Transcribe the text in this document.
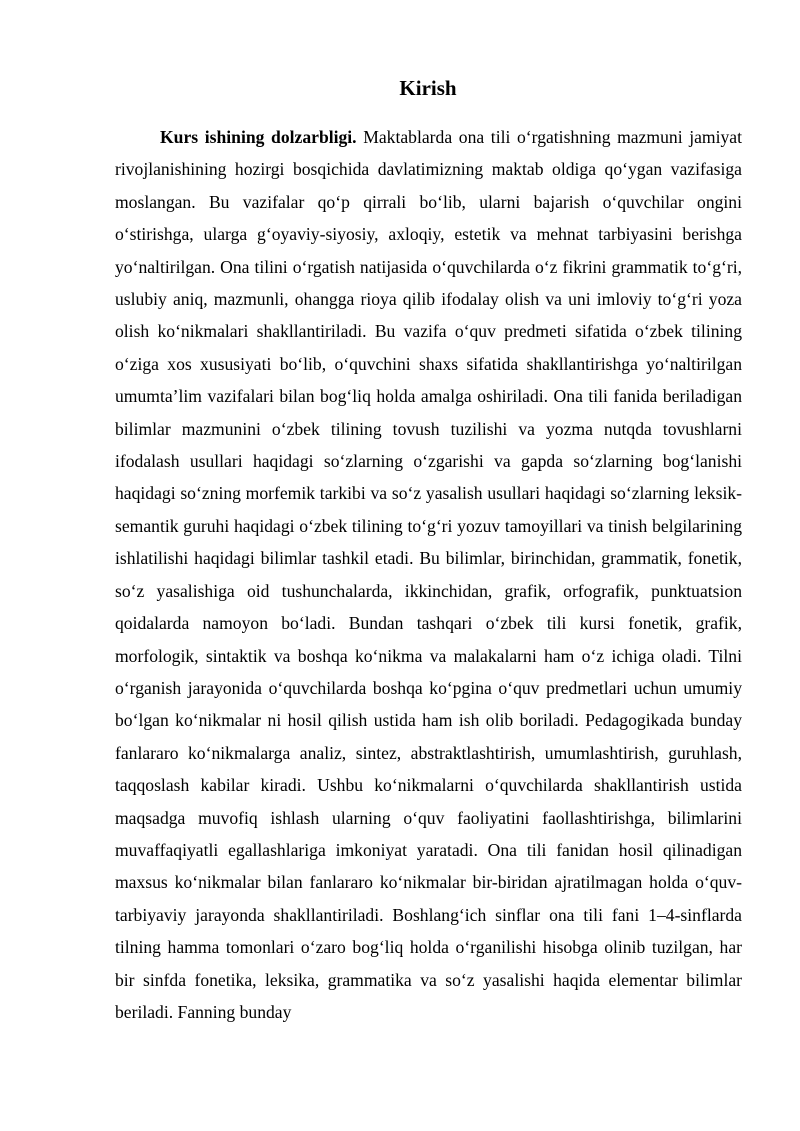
Kirish

Kurs ishining dolzarbligi. Maktablarda ona tili o‘rgatishning mazmuni jamiyat rivojlanishining hozirgi bosqichida davlatimizning maktab oldiga qo‘ygan vazifasiga moslangan. Bu vazifalar qo‘p qirrali bo‘lib, ularni bajarish o‘quvchilar ongini o‘stirishga, ularga g‘oyaviy-siyosiy, axloqiy, estetik va mehnat tarbiyasini berishga yo‘naltirilgan. Ona tilini o‘rgatish natijasida o‘quvchilarda o‘z fikrini grammatik to‘g‘ri, uslubiy aniq, mazmunli, ohangga rioya qilib ifodalay olish va uni imloviy to‘g‘ri yoza olish ko‘nikmalari shakllantiriladi. Bu vazifa o‘quv predmeti sifatida o‘zbek tilining o‘ziga xos xususiyati bo‘lib, o‘quvchini shaxs sifatida shakllantirishga yo‘naltirilgan umumta’lim vazifalari bilan bog‘liq holda amalga oshiriladi. Ona tili fanida beriladigan bilimlar mazmunini o‘zbek tilining tovush tuzilishi va yozma nutqda tovushlarni ifodalash usullari haqidagi so‘zlarning o‘zgarishi va gapda so‘zlarning bog‘lanishi haqidagi so‘zning morfemik tarkibi va so‘z yasalish usullari haqidagi so‘zlarning leksik-semantik guruhi haqidagi o‘zbek tilining to‘g‘ri yozuv tamoyillari va tinish belgilarining ishlatilishi haqidagi bilimlar tashkil etadi. Bu bilimlar, birinchidan, grammatik, fonetik, so‘z yasalishiga oid tushunchalarda, ikkinchidan, grafik, orfografik, punktuatsion qoidalarda namoyon bo‘ladi. Bundan tashqari o‘zbek tili kursi fonetik, grafik, morfologik, sintaktik va boshqa ko‘nikma va malakalarni ham o‘z ichiga oladi. Tilni o‘rganish jarayonida o‘quvchilarda boshqa ko‘pgina o‘quv predmetlari uchun umumiy bo‘lgan ko‘nikmalar ni hosil qilish ustida ham ish olib boriladi. Pedagogikada bunday fanlararo ko‘nikmalarga analiz, sintez, abstraktlashtirish, umumlashtirish, guruhlash, taqqoslash kabilar kiradi. Ushbu ko‘nikmalarni o‘quvchilarda shakllantirish ustida maqsadga muvofiq ishlash ularning o‘quv faoliyatini faollashtirishga, bilimlarini muvaffaqiyatli egallashlariga imkoniyat yaratadi. Ona tili fanidan hosil qilinadigan maxsus ko‘nikmalar bilan fanlararo ko‘nikmalar bir-biridan ajratilmagan holda o‘quv-tarbiyaviy jarayonda shakllantiriladi. Boshlang‘ich sinflar ona tili fani 1–4-sinflarda tilning hamma tomonlari o‘zaro bog‘liq holda o‘rganilishi hisobga olinib tuzilgan, har bir sinfda fonetika, leksika, grammatika va so‘z yasalishi haqida elementar bilimlar beriladi. Fanning bunday
